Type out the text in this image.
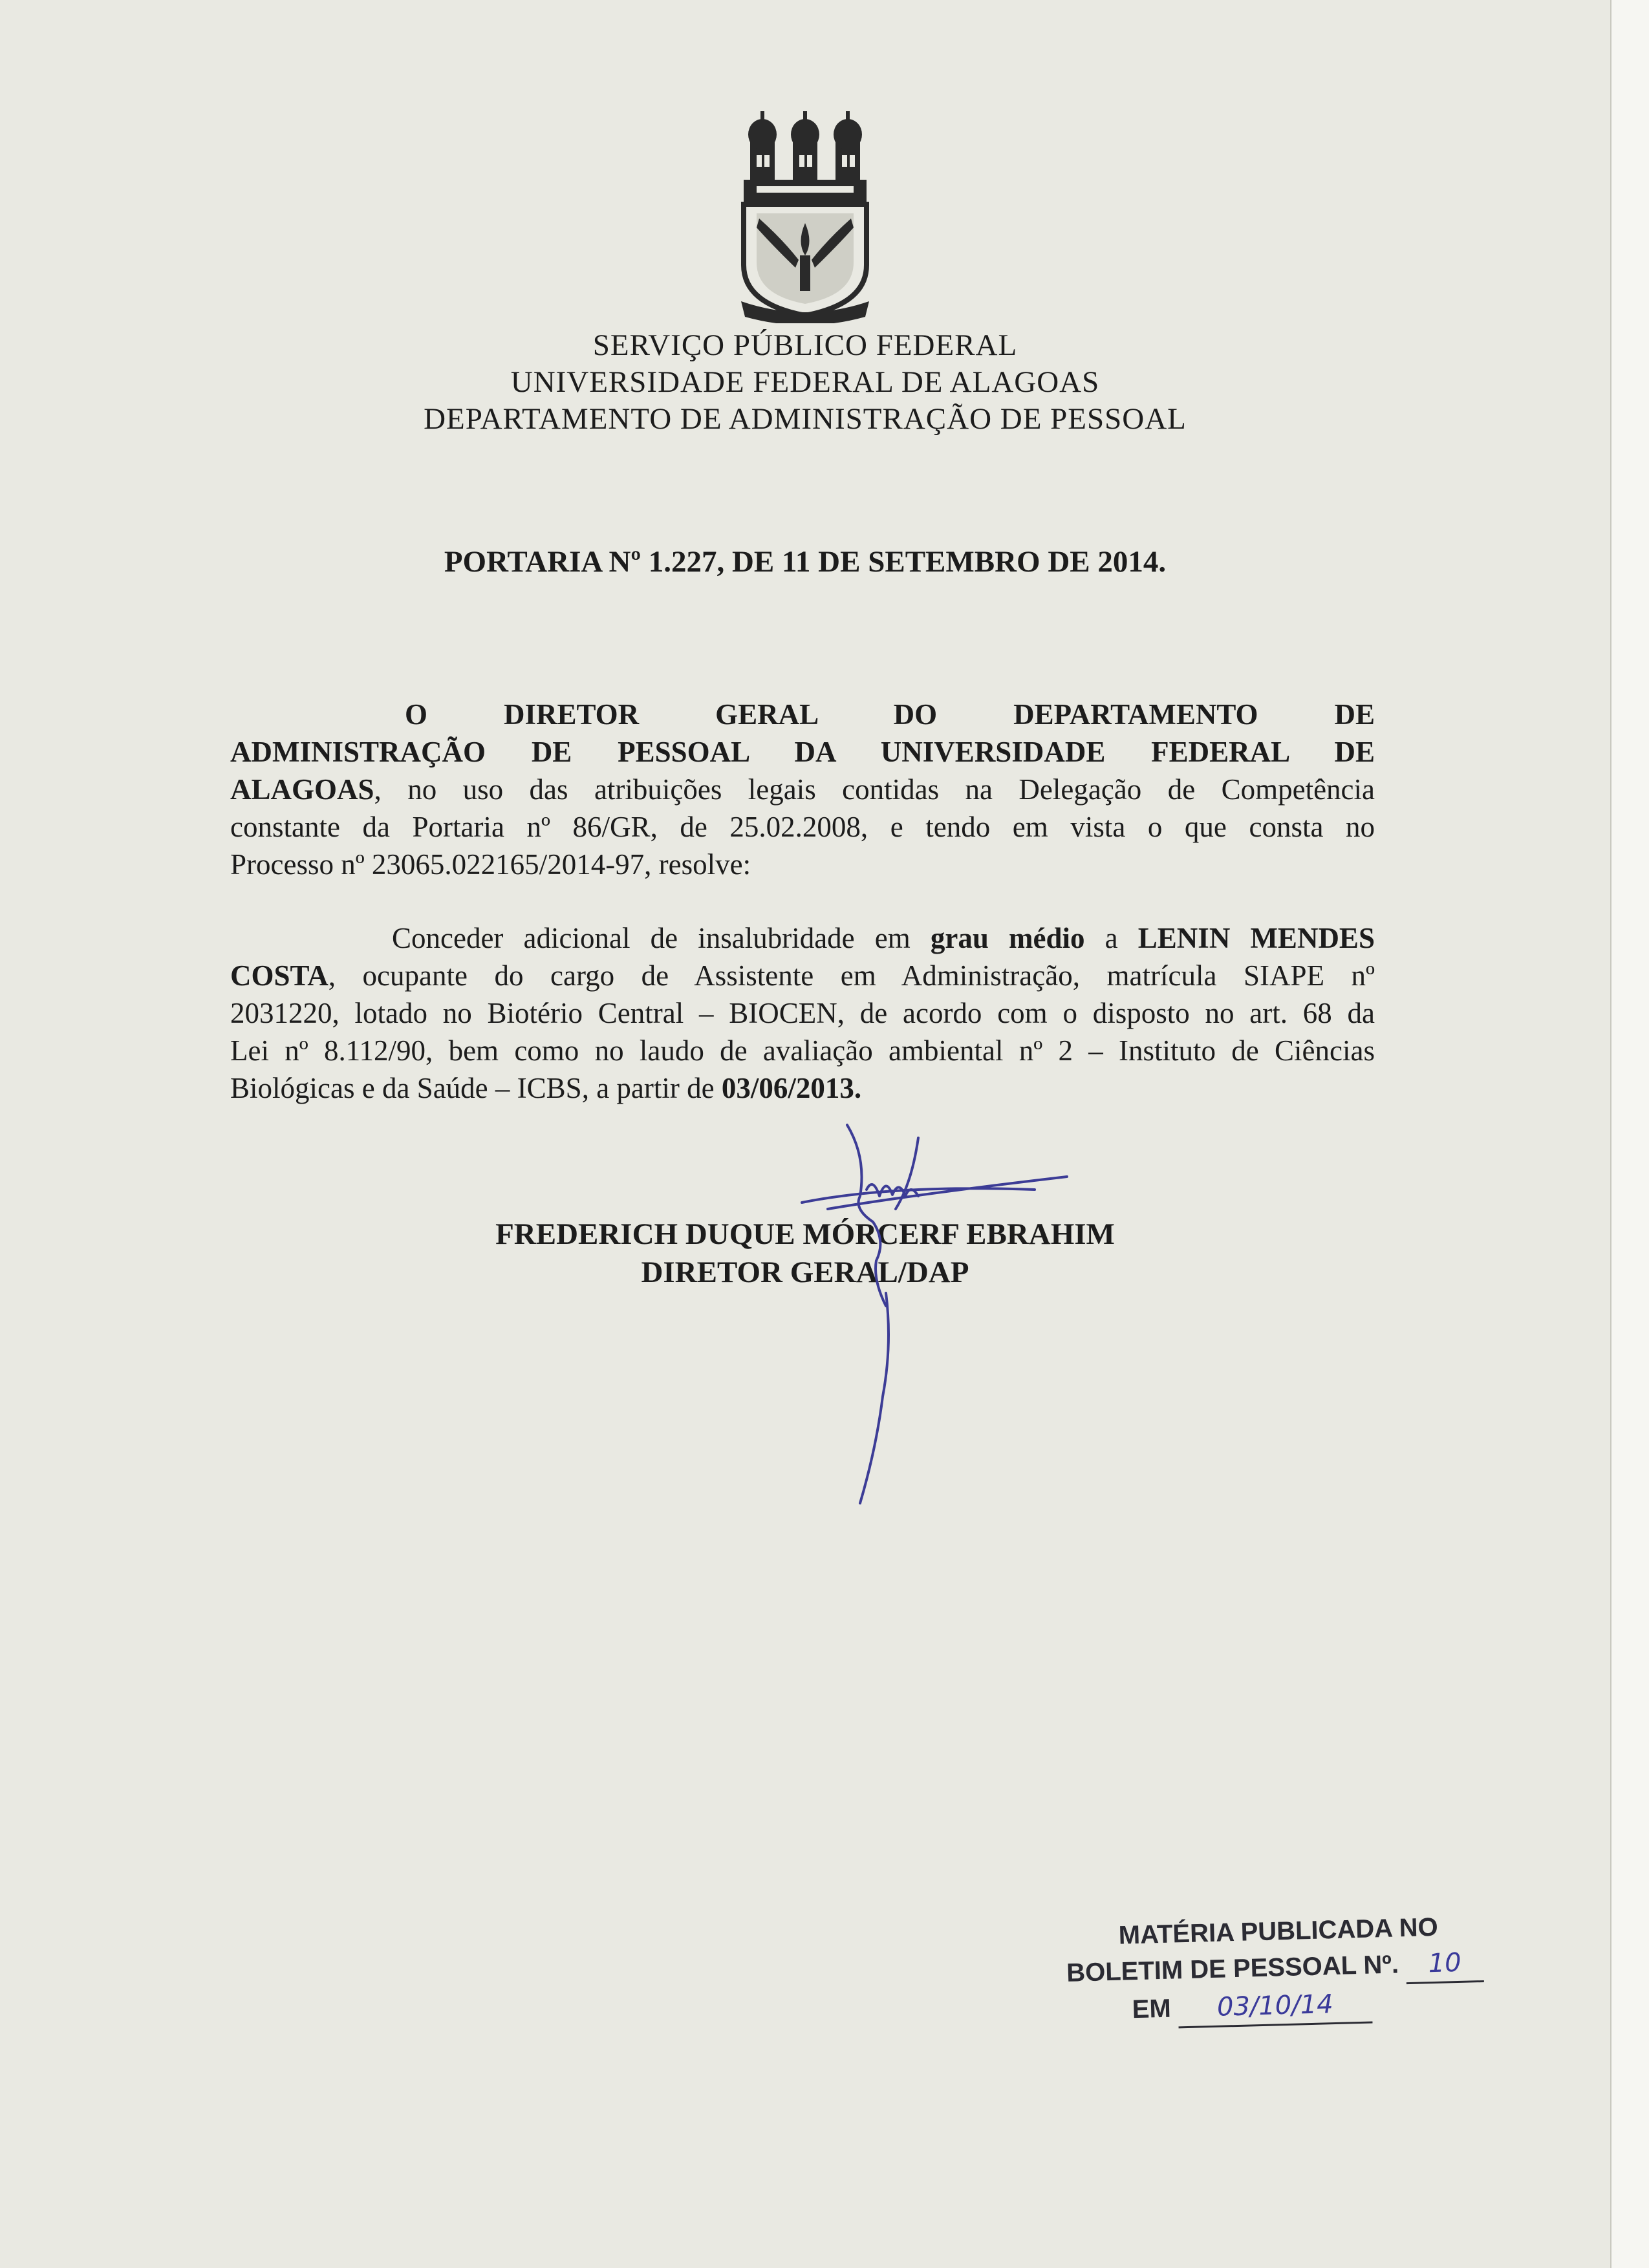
SERVIÇO PÚBLICO FEDERAL
UNIVERSIDADE FEDERAL DE ALAGOAS
DEPARTAMENTO DE ADMINISTRAÇÃO DE PESSOAL
PORTARIA Nº 1.227, DE 11 DE SETEMBRO DE 2014.
O DIRETOR GERAL DO DEPARTAMENTO DE
ADMINISTRAÇÃO DE PESSOAL DA UNIVERSIDADE FEDERAL DE
ALAGOAS, no uso das atribuições legais contidas na Delegação de Competência
constante da Portaria nº 86/GR, de 25.02.2008, e tendo em vista o que consta no
Processo nº 23065.022165/2014-97, resolve:
Conceder adicional de insalubridade em grau médio a LENIN MENDES
COSTA, ocupante do cargo de Assistente em Administração, matrícula SIAPE nº
2031220, lotado no Biotério Central – BIOCEN, de acordo com o disposto no art. 68 da
Lei nº 8.112/90, bem como no laudo de avaliação ambiental nº 2 – Instituto de Ciências
Biológicas e da Saúde – ICBS, a partir de 03/06/2013.
FREDERICH DUQUE MÓRCERF EBRAHIM
DIRETOR GERAL/DAP
MATÉRIA PUBLICADA NO
BOLETIM DE PESSOAL Nº. 10
EM 03/10/14
